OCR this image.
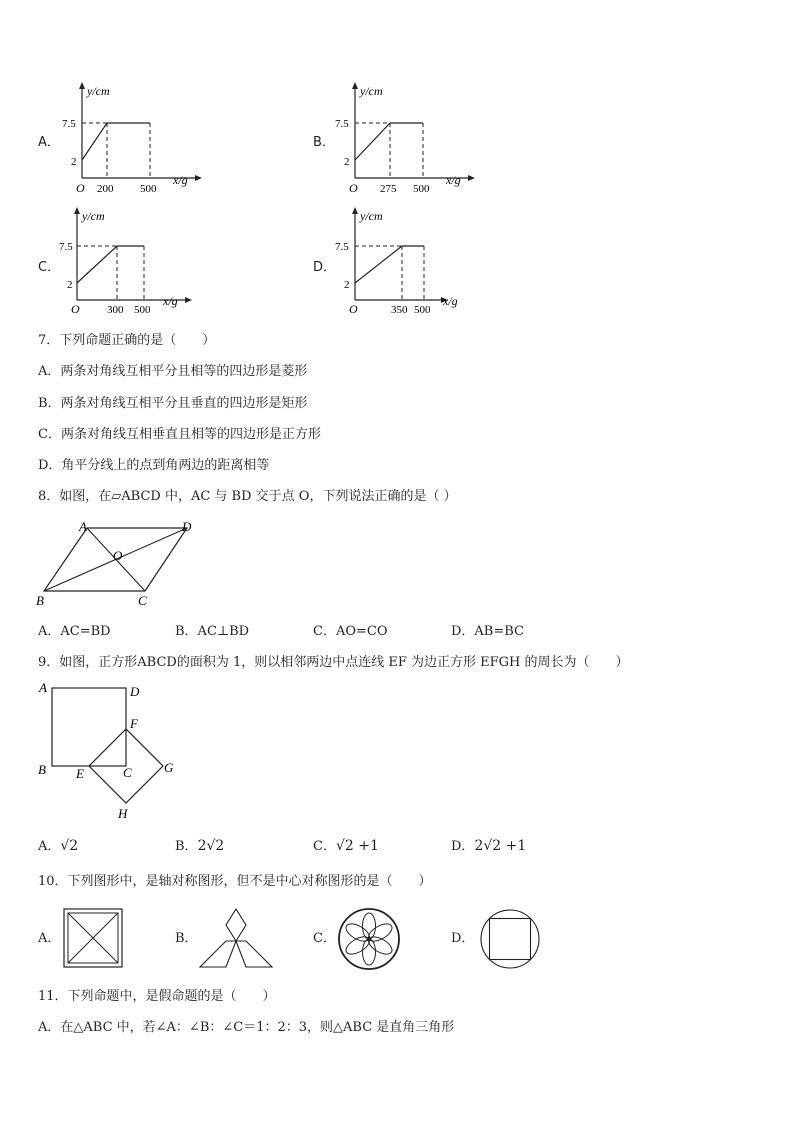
A．	B．
C．	D．
y/cm
7.5
2
O 200 500
x/g
y/cm
7.5
2
O 275 500
x/g
y/cm
7.5
2
O 300 500
x/g
y/cm
7.5
2
O	350 500
x/g
7．下列命题正确的是（　　）
A．两条对角线互相平分且相等的四边形是菱形
B．两条对角线互相平分且垂直的四边形是矩形
C．两条对角线互相垂直且相等的四边形是正方形
D．角平分线上的点到角两边的距离相等
8．如图，在▱ABCD 中，AC 与 BD 交于点 O，下列说法正确的是（ ）
A	D
O
B	C
A．AC=BD	B．AC⊥BD	C．AO=CO	D．AB=BC
9．如图，正方形ABCD的面积为 1，则以相邻两边中点连线 EF 为边正方形 EFGH 的周长为（　　）
A	D
F
B E	C G
H
A．√2	B．2√2	C．√2 +1	D．2√2 +1
10．下列图形中，是轴对称图形，但不是中心对称图形的是（　　）
A．	B．	C．	D．
11．下列命题中，是假命题的是（　　）
A．在△ABC 中，若∠A：∠B：∠C＝1：2：3，则△ABC 是直角三角形
